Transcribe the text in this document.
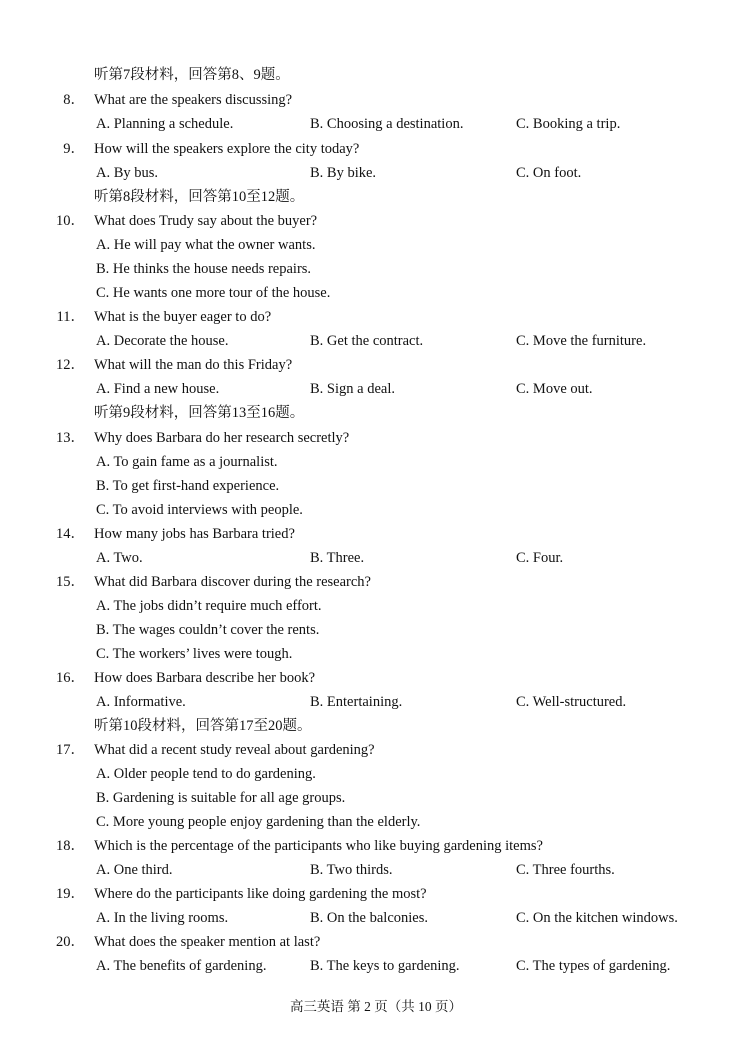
听第7段材料，回答第8、9题。
8． What are the speakers discussing?
A. Planning a schedule.	B. Choosing a destination.	C. Booking a trip.
9． How will the speakers explore the city today?
A. By bus.	B. By bike.	C. On foot.
听第8段材料，回答第10至12题。
10． What does Trudy say about the buyer?
A. He will pay what the owner wants.
B. He thinks the house needs repairs.
C. He wants one more tour of the house.
11． What is the buyer eager to do?
A. Decorate the house.	B. Get the contract.	C. Move the furniture.
12． What will the man do this Friday?
A. Find a new house.	B. Sign a deal.	C. Move out.
听第9段材料，回答第13至16题。
13． Why does Barbara do her research secretly?
A. To gain fame as a journalist.
B. To get first-hand experience.
C. To avoid interviews with people.
14． How many jobs has Barbara tried?
A. Two.	B. Three.	C. Four.
15． What did Barbara discover during the research?
A. The jobs didn’t require much effort.
B. The wages couldn’t cover the rents.
C. The workers’ lives were tough.
16． How does Barbara describe her book?
A. Informative.	B. Entertaining.	C. Well-structured.
听第10段材料，回答第17至20题。
17． What did a recent study reveal about gardening?
A. Older people tend to do gardening.
B. Gardening is suitable for all age groups.
C. More young people enjoy gardening than the elderly.
18． Which is the percentage of the participants who like buying gardening items?
A. One third.	B. Two thirds.	C. Three fourths.
19． Where do the participants like doing gardening the most?
A. In the living rooms.	B. On the balconies.	C. On the kitchen windows.
20． What does the speaker mention at last?
A. The benefits of gardening.	B. The keys to gardening.	C. The types of gardening.
高三英语 第 2 页（共 10 页）
